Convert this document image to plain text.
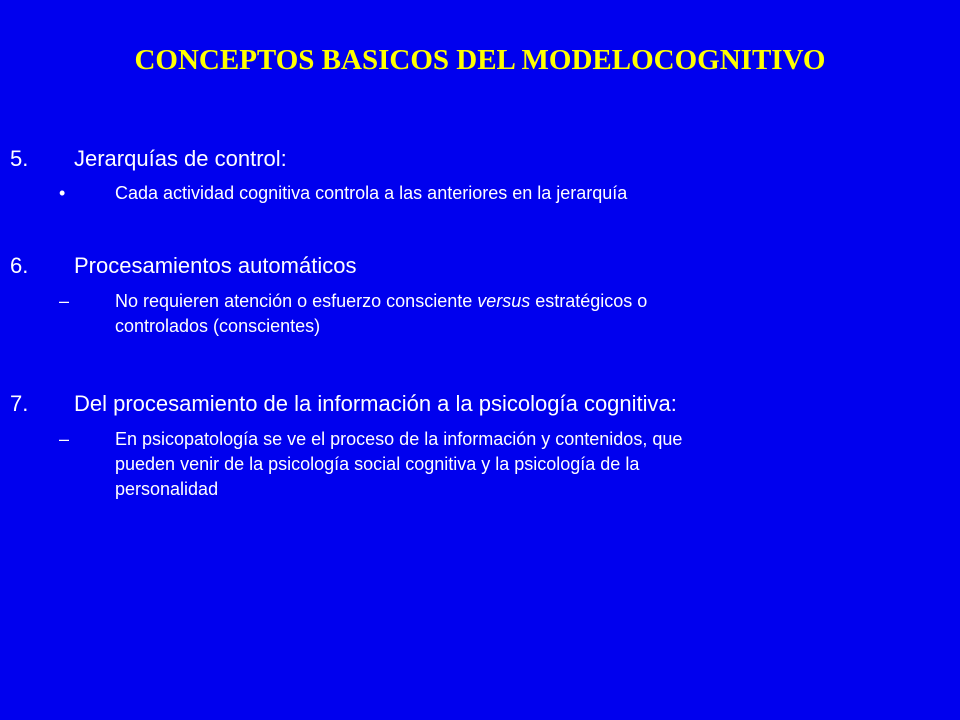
CONCEPTOS BASICOS DEL MODELOCOGNITIVO
5. Jerarquías de control:
•	Cada actividad cognitiva controla a las anteriores en la jerarquía
6. Procesamientos automáticos
–	No requieren atención o esfuerzo consciente versus estratégicos o
controlados (conscientes)
7. Del procesamiento de la información a la psicología cognitiva:
–	En psicopatología se ve el proceso de la información y contenidos, que
pueden venir de la psicología social cognitiva y la psicología de la
personalidad
